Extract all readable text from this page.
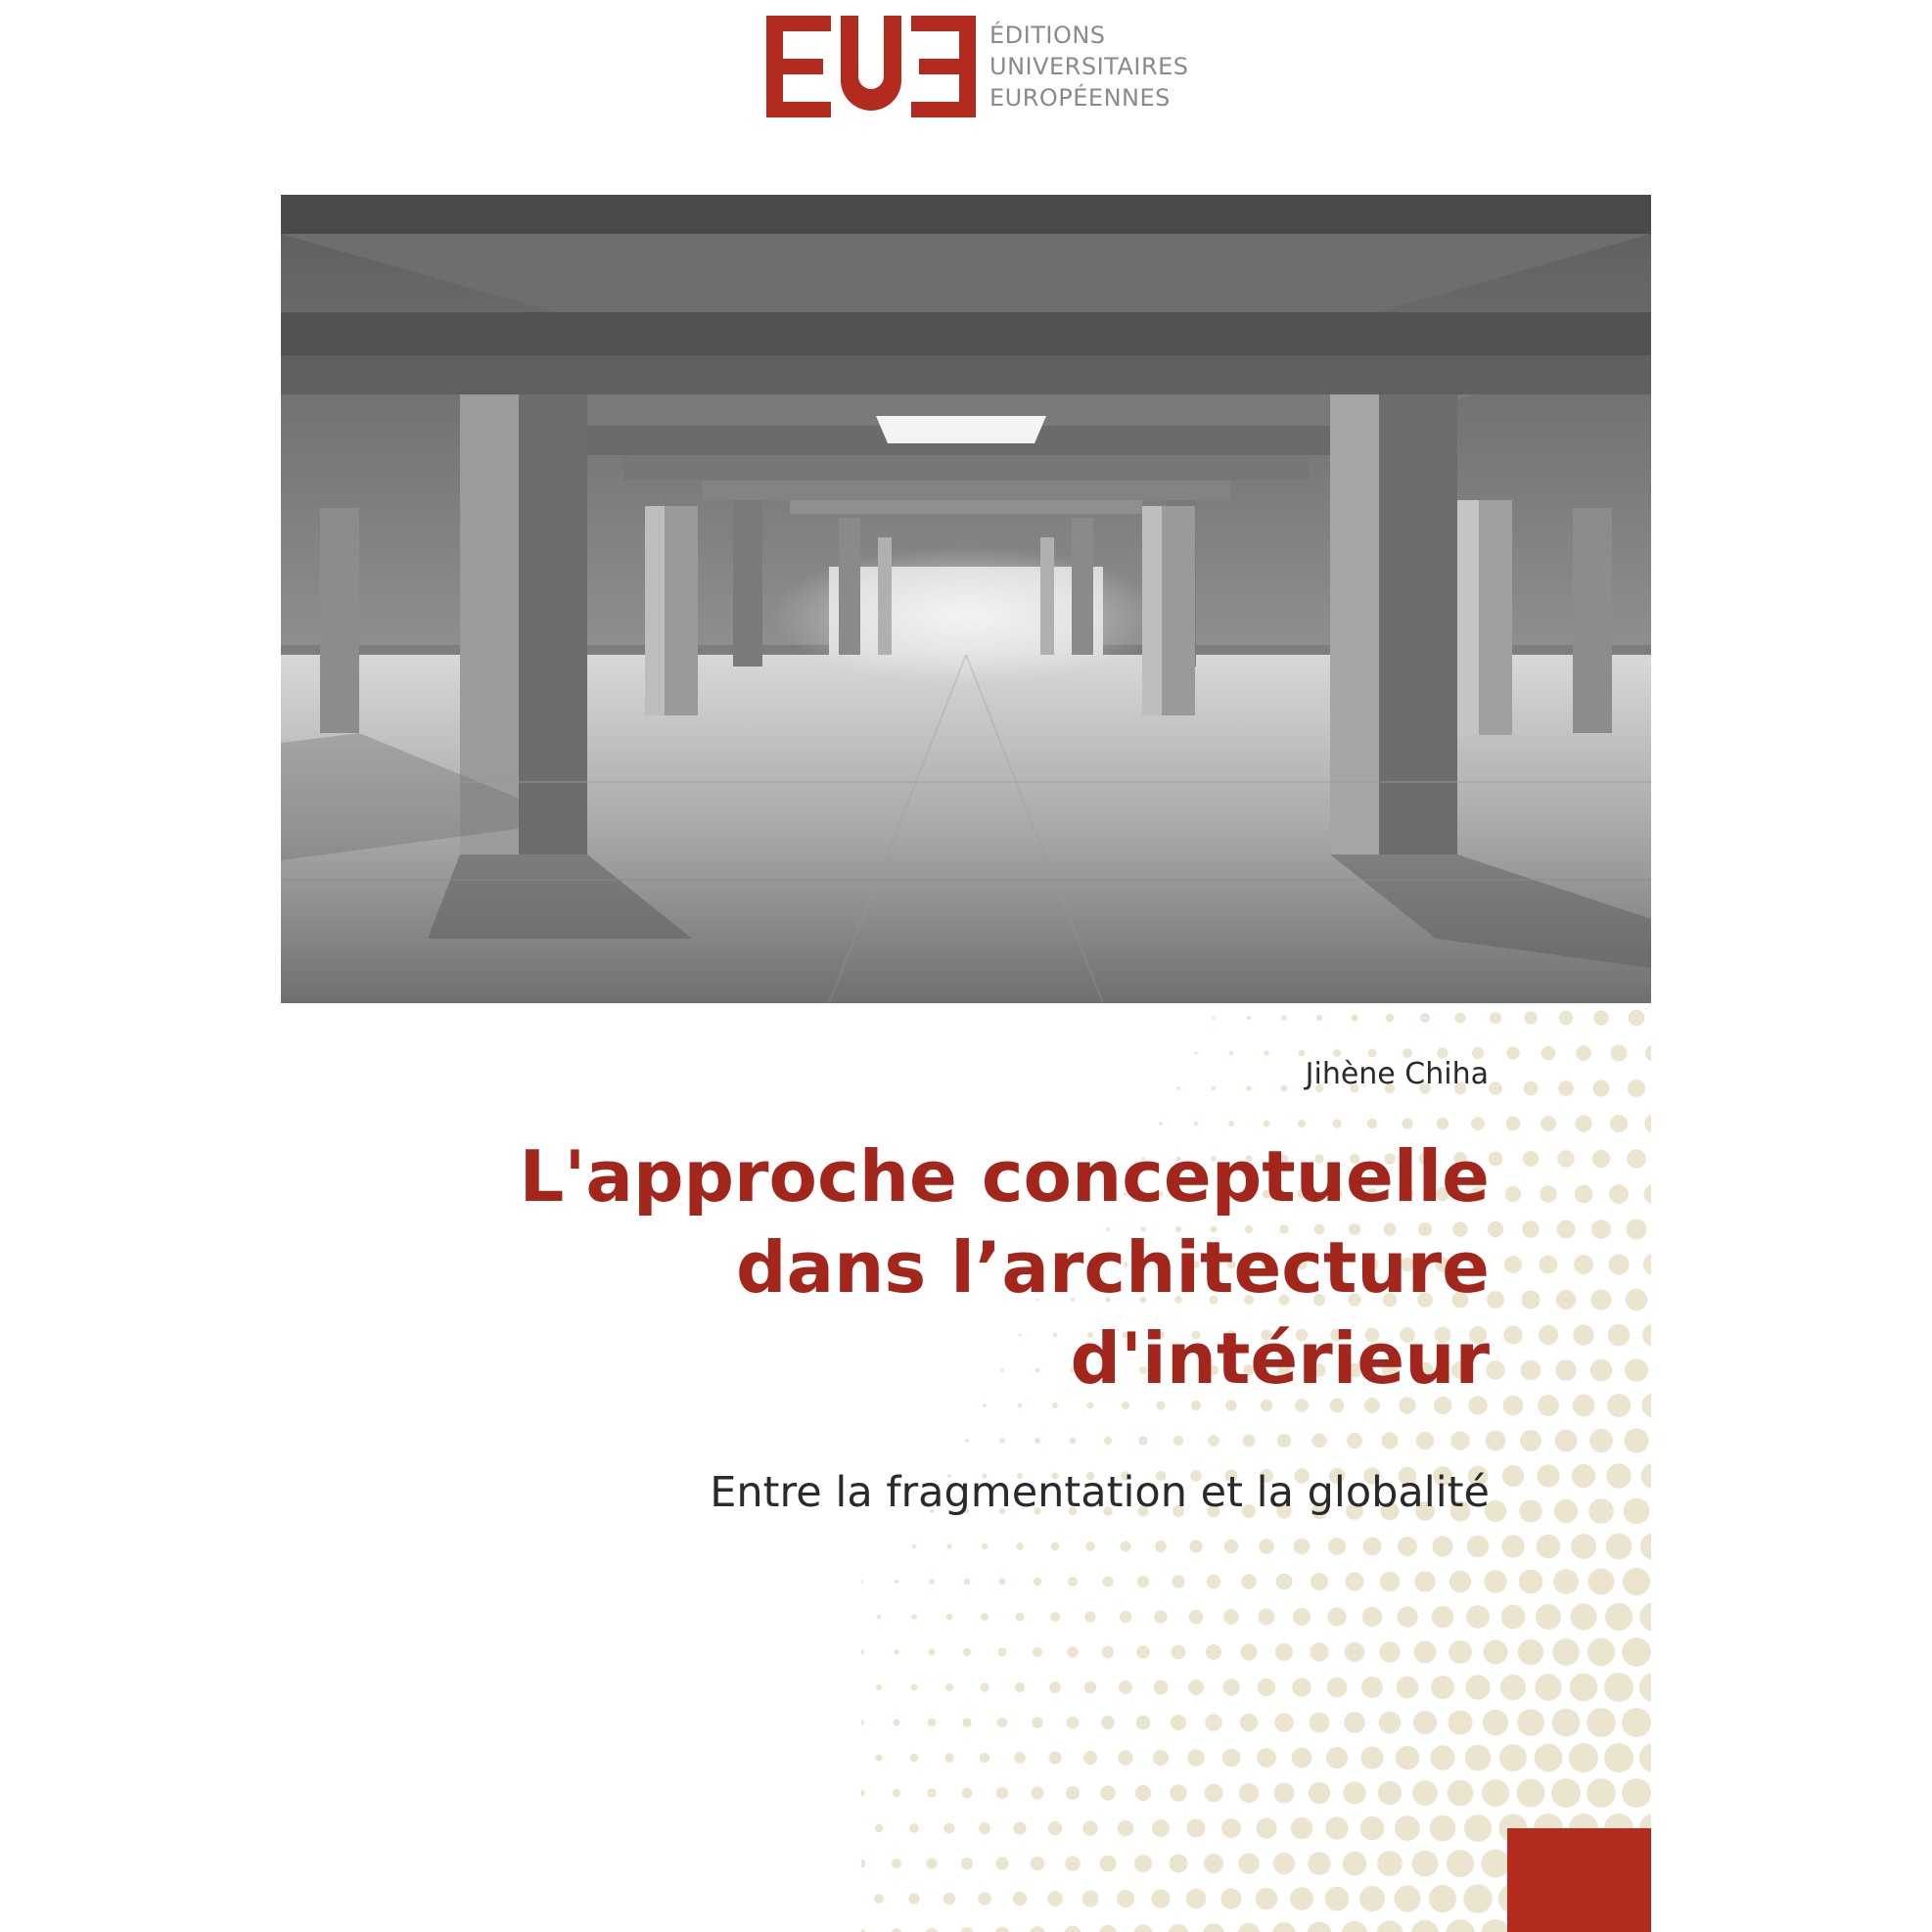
ÉDITIONS
UNIVERSITAIRES
EUROPÉENNES
Jihène Chiha
L'approche conceptuelle
dans l’architecture
d'intérieur
Entre la fragmentation et la globalité
